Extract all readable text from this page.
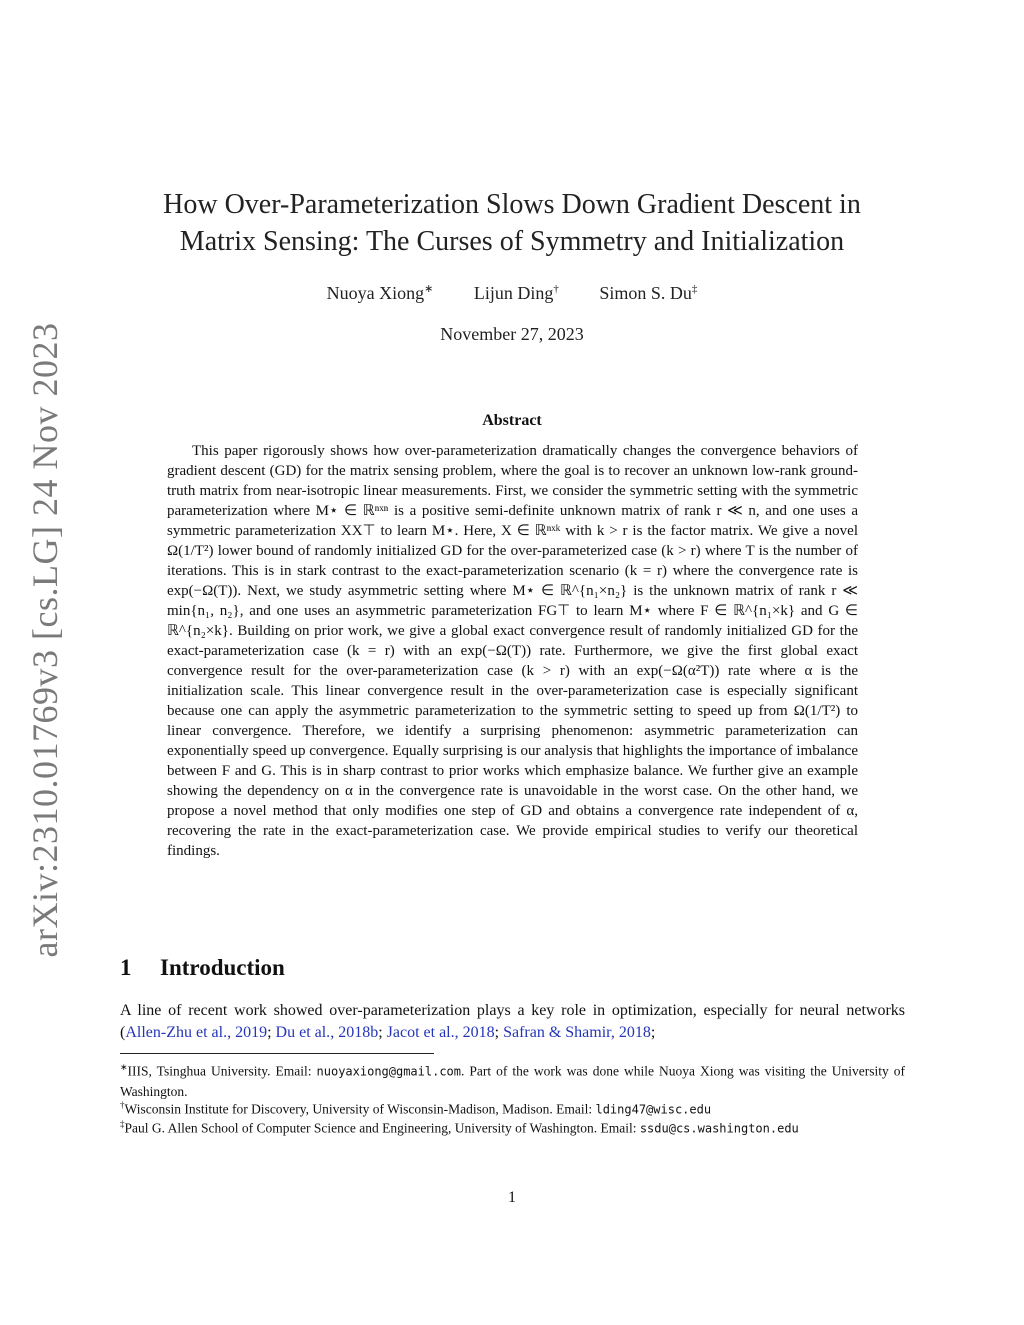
arXiv:2310.01769v3 [cs.LG] 24 Nov 2023
How Over-Parameterization Slows Down Gradient Descent in
Matrix Sensing: The Curses of Symmetry and Initialization
Nuoya Xiong∗ Lijun Ding† Simon S. Du‡
November 27, 2023
Abstract

This paper rigorously shows how over-parameterization dramatically changes the convergence behaviors of gradient descent (GD) for the matrix sensing problem, where the goal is to recover an unknown low-rank ground-truth matrix from near-isotropic linear measurements. First, we consider the symmetric setting with the symmetric parameterization where M⋆ ∈ ℝⁿˣⁿ is a positive semi-definite unknown matrix of rank r ≪ n, and one uses a symmetric parameterization XX⊤ to learn M⋆. Here, X ∈ ℝⁿˣᵏ with k > r is the factor matrix. We give a novel Ω(1/T²) lower bound of randomly initialized GD for the over-parameterized case (k > r) where T is the number of iterations. This is in stark contrast to the exact-parameterization scenario (k = r) where the convergence rate is exp(−Ω(T)). Next, we study asymmetric setting where M⋆ ∈ ℝ^{n₁×n₂} is the unknown matrix of rank r ≪ min{n₁, n₂}, and one uses an asymmetric parameterization FG⊤ to learn M⋆ where F ∈ ℝ^{n₁×k} and G ∈ ℝ^{n₂×k}. Building on prior work, we give a global exact convergence result of randomly initialized GD for the exact-parameterization case (k = r) with an exp(−Ω(T)) rate. Furthermore, we give the first global exact convergence result for the over-parameterization case (k > r) with an exp(−Ω(α²T)) rate where α is the initialization scale. This linear convergence result in the over-parameterization case is especially significant because one can apply the asymmetric parameterization to the symmetric setting to speed up from Ω(1/T²) to linear convergence. Therefore, we identify a surprising phenomenon: asymmetric parameterization can exponentially speed up convergence. Equally surprising is our analysis that highlights the importance of imbalance between F and G. This is in sharp contrast to prior works which emphasize balance. We further give an example showing the dependency on α in the convergence rate is unavoidable in the worst case. On the other hand, we propose a novel method that only modifies one step of GD and obtains a convergence rate independent of α, recovering the rate in the exact-parameterization case. We provide empirical studies to verify our theoretical findings.

1 Introduction

A line of recent work showed over-parameterization plays a key role in optimization, especially for neural networks (Allen-Zhu et al., 2019; Du et al., 2018b; Jacot et al., 2018; Safran & Shamir, 2018;

∗IIIS, Tsinghua University. Email: nuoyaxiong@gmail.com. Part of the work was done while Nuoya Xiong was visiting the University of Washington.

†Wisconsin Institute for Discovery, University of Wisconsin-Madison, Madison. Email: lding47@wisc.edu

‡Paul G. Allen School of Computer Science and Engineering, University of Washington. Email: ssdu@cs.washington.edu

1
